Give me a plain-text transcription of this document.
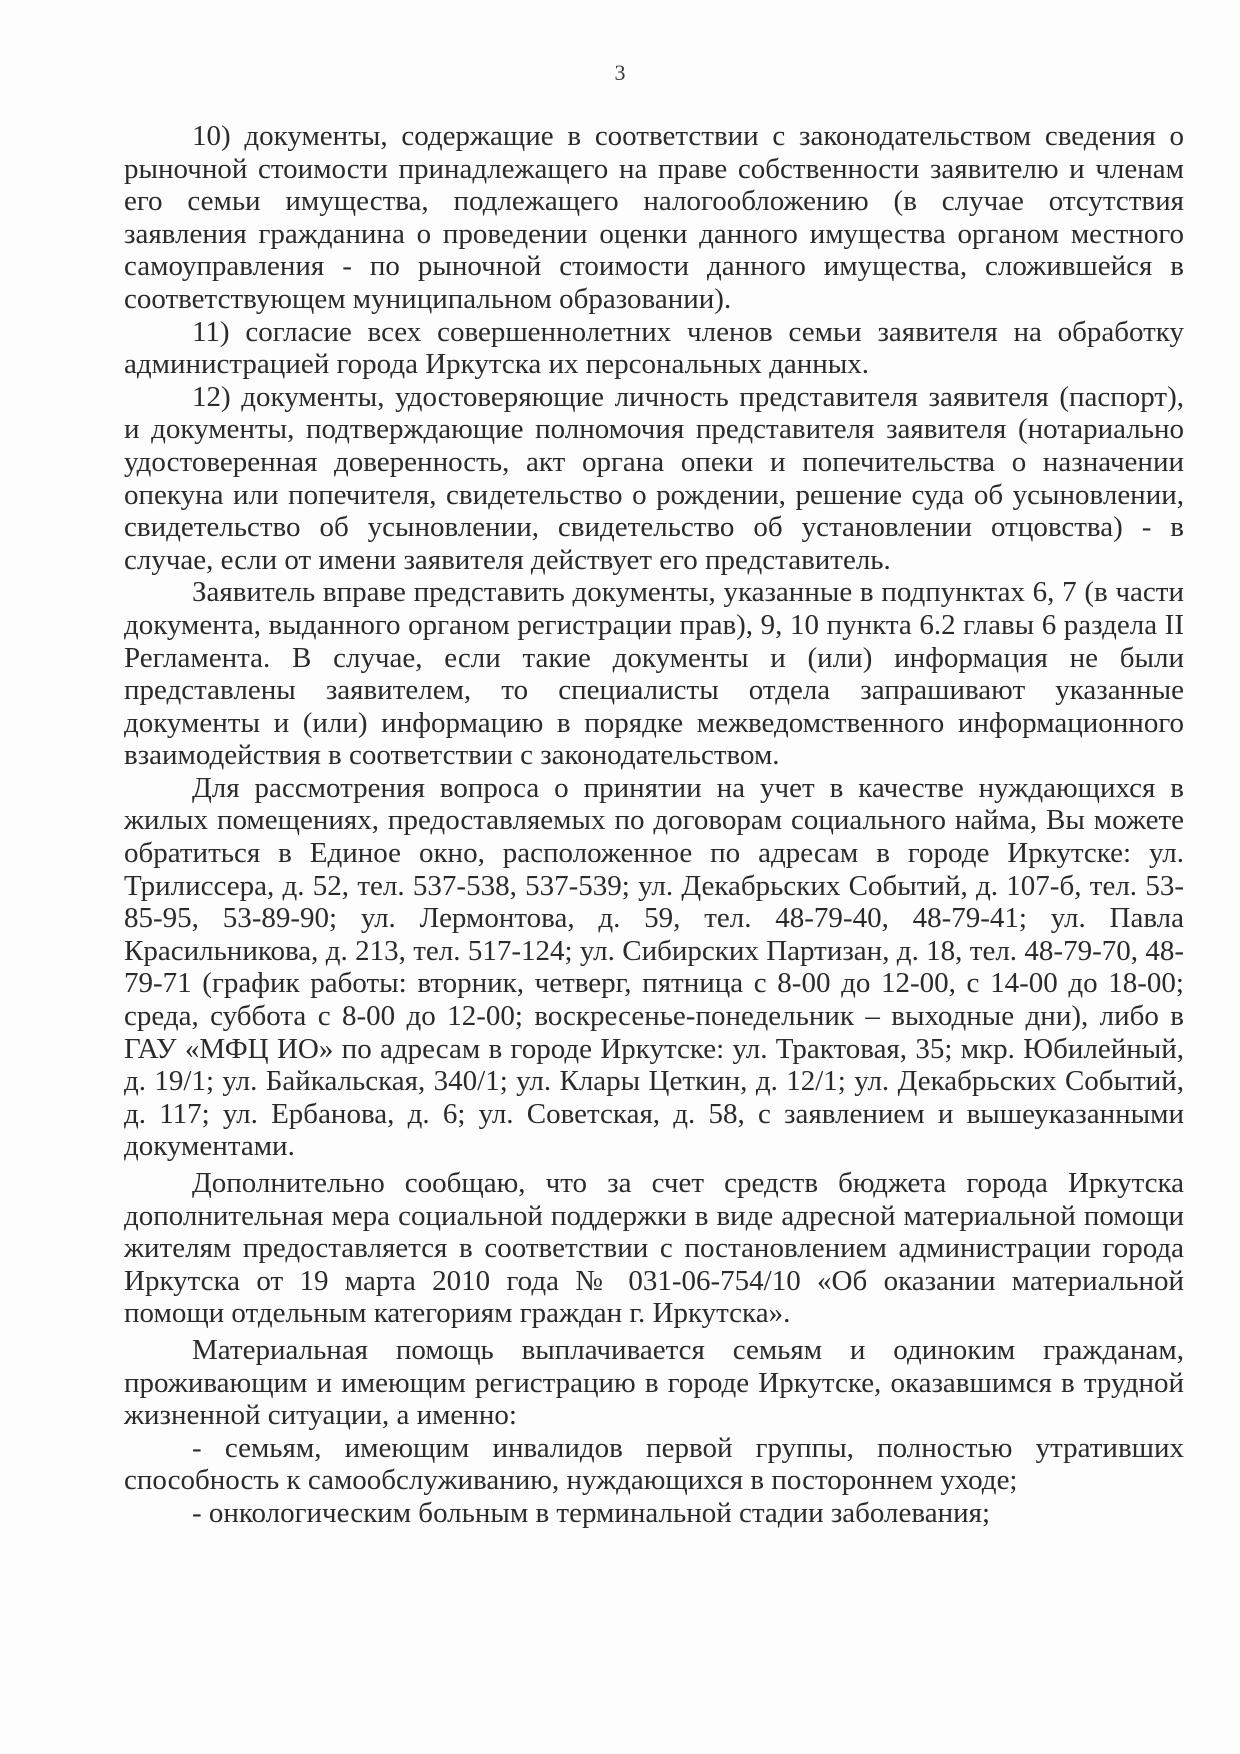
3

10) документы, содержащие в соответствии с законодательством сведения о рыночной стоимости принадлежащего на праве собственности заявителю и членам его семьи имущества, подлежащего налогообложению (в случае отсутствия заявления гражданина о проведении оценки данного имущества органом местного самоуправления - по рыночной стоимости данного имущества, сложившейся в соответствующем муниципальном образовании).

11) согласие всех совершеннолетних членов семьи заявителя на обработку администрацией города Иркутска их персональных данных.

12) документы, удостоверяющие личность представителя заявителя (паспорт), и документы, подтверждающие полномочия представителя заявителя (нотариально удостоверенная доверенность, акт органа опеки и попечительства о назначении опекуна или попечителя, свидетельство о рождении, решение суда об усыновлении, свидетельство об усыновлении, свидетельство об установлении отцовства) - в случае, если от имени заявителя действует его представитель.

Заявитель вправе представить документы, указанные в подпунктах 6, 7 (в части документа, выданного органом регистрации прав), 9, 10 пункта 6.2 главы 6 раздела II Регламента. В случае, если такие документы и (или) информация не были представлены заявителем, то специалисты отдела запрашивают указанные документы и (или) информацию в порядке межведомственного информационного взаимодействия в соответствии с законодательством.

Для рассмотрения вопроса о принятии на учет в качестве нуждающихся в жилых помещениях, предоставляемых по договорам социального найма, Вы можете обратиться в Единое окно, расположенное по адресам в городе Иркутске: ул. Трилиссера, д. 52, тел. 537-538, 537-539; ул. Декабрьских Событий, д. 107-б, тел. 53-85-95, 53-89-90; ул. Лермонтова, д. 59, тел. 48-79-40, 48-79-41; ул. Павла Красильникова, д. 213, тел. 517-124; ул. Сибирских Партизан, д. 18, тел. 48-79-70, 48-79-71 (график работы: вторник, четверг, пятница с 8-00 до 12-00, с 14-00 до 18-00; среда, суббота с 8-00 до 12-00; воскресенье-понедельник – выходные дни), либо в ГАУ «МФЦ ИО» по адресам в городе Иркутске: ул. Трактовая, 35; мкр. Юбилейный, д. 19/1; ул. Байкальская, 340/1; ул. Клары Цеткин, д. 12/1; ул. Декабрьских Событий, д. 117; ул. Ербанова, д. 6; ул. Советская, д. 58, с заявлением и вышеуказанными документами.

Дополнительно сообщаю, что за счет средств бюджета города Иркутска дополнительная мера социальной поддержки в виде адресной материальной помощи жителям предоставляется в соответствии с постановлением администрации города Иркутска от 19 марта 2010 года № 031-06-754/10 «Об оказании материальной помощи отдельным категориям граждан г. Иркутска».

Материальная помощь выплачивается семьям и одиноким гражданам, проживающим и имеющим регистрацию в городе Иркутске, оказавшимся в трудной жизненной ситуации, а именно:

- семьям, имеющим инвалидов первой группы, полностью утративших способность к самообслуживанию, нуждающихся в постороннем уходе;

- онкологическим больным в терминальной стадии заболевания;
